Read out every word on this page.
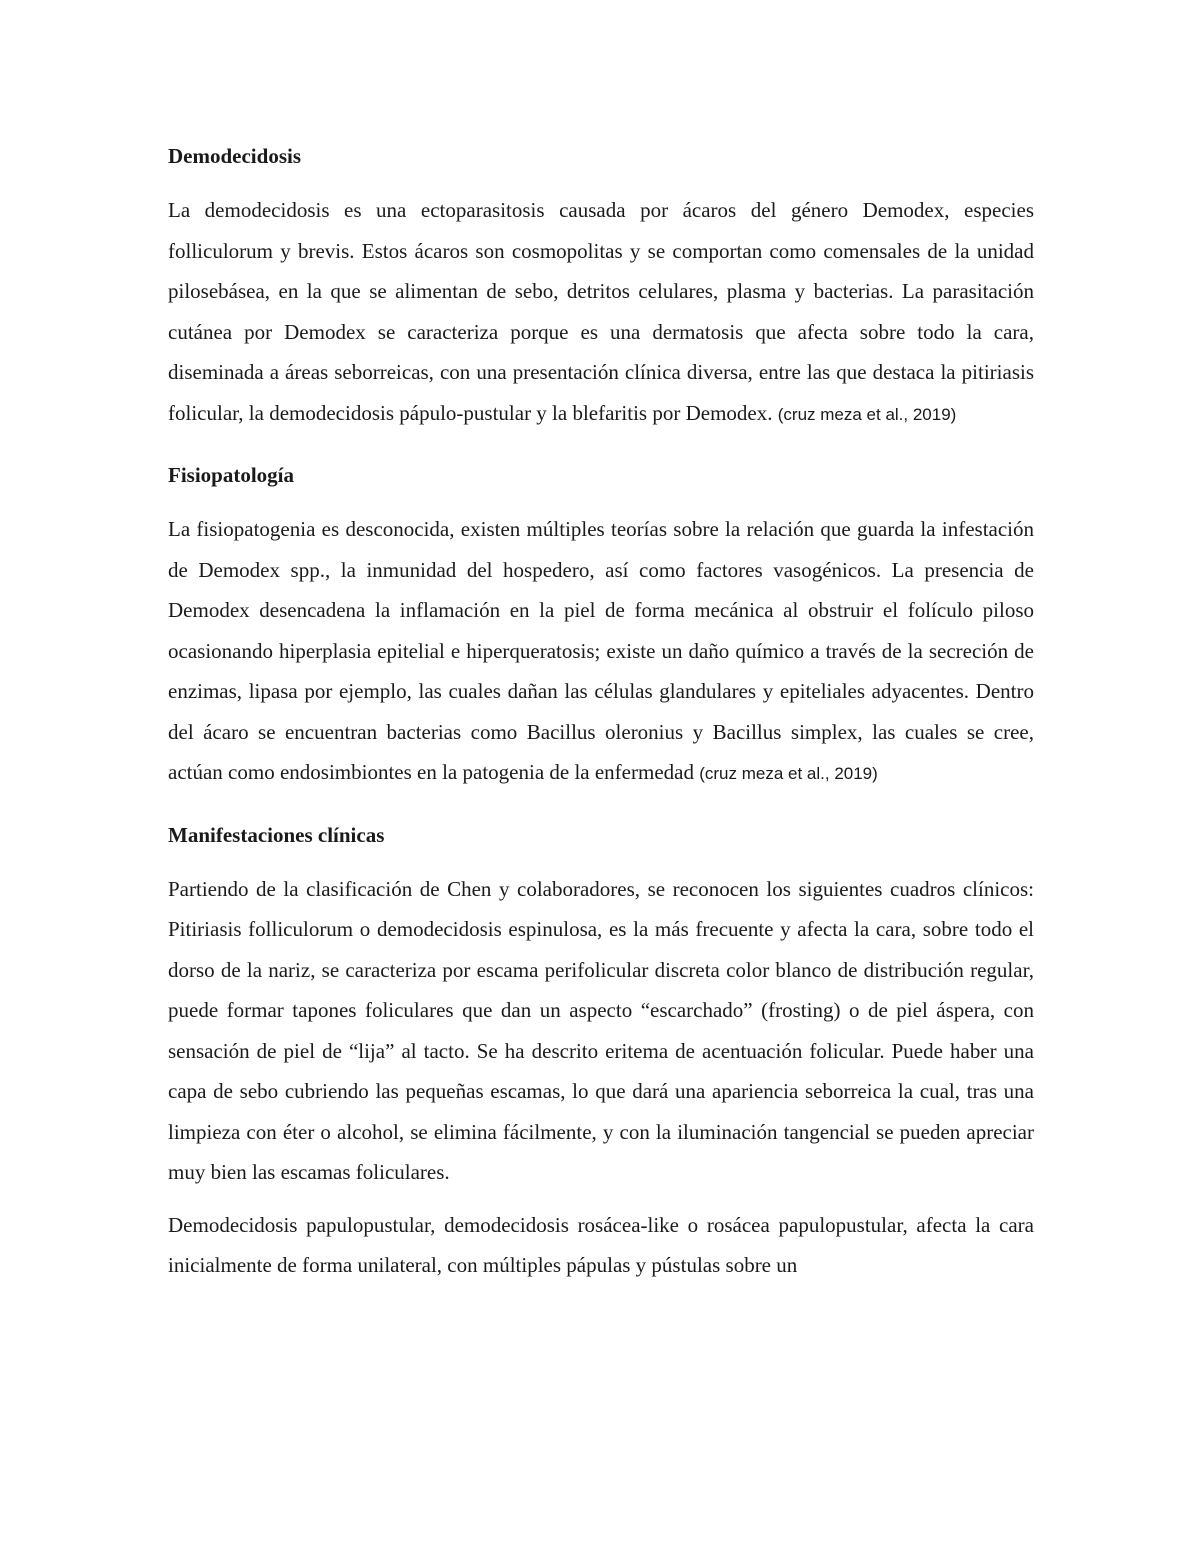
Demodecidosis

La demodecidosis es una ectoparasitosis causada por ácaros del género Demodex, especies folliculorum y brevis. Estos ácaros son cosmopolitas y se comportan como comensales de la unidad pilosebásea, en la que se alimentan de sebo, detritos celulares, plasma y bacterias. La parasitación cutánea por Demodex se caracteriza porque es una dermatosis que afecta sobre todo la cara, diseminada a áreas seborreicas, con una presentación clínica diversa, entre las que destaca la pitiriasis folicular, la demodecidosis pápulo-pustular y la blefaritis por Demodex. (cruz meza et al., 2019)

Fisiopatología

La fisiopatogenia es desconocida, existen múltiples teorías sobre la relación que guarda la infestación de Demodex spp., la inmunidad del hospedero, así como factores vasogénicos. La presencia de Demodex desencadena la inflamación en la piel de forma mecánica al obstruir el folículo piloso ocasionando hiperplasia epitelial e hiperqueratosis; existe un daño químico a través de la secreción de enzimas, lipasa por ejemplo, las cuales dañan las células glandulares y epiteliales adyacentes. Dentro del ácaro se encuentran bacterias como Bacillus oleronius y Bacillus simplex, las cuales se cree, actúan como endosimbiontes en la patogenia de la enfermedad (cruz meza et al., 2019)

Manifestaciones clínicas

Partiendo de la clasificación de Chen y colaboradores, se reconocen los siguientes cuadros clínicos: Pitiriasis folliculorum o demodecidosis espinulosa, es la más frecuente y afecta la cara, sobre todo el dorso de la nariz, se caracteriza por escama perifolicular discreta color blanco de distribución regular, puede formar tapones foliculares que dan un aspecto “escarchado” (frosting) o de piel áspera, con sensación de piel de “lija” al tacto. Se ha descrito eritema de acentuación folicular. Puede haber una capa de sebo cubriendo las pequeñas escamas, lo que dará una apariencia seborreica la cual, tras una limpieza con éter o alcohol, se elimina fácilmente, y con la iluminación tangencial se pueden apreciar muy bien las escamas foliculares.

Demodecidosis papulopustular, demodecidosis rosácea-like o rosácea papulopustular, afecta la cara inicialmente de forma unilateral, con múltiples pápulas y pústulas sobre un
